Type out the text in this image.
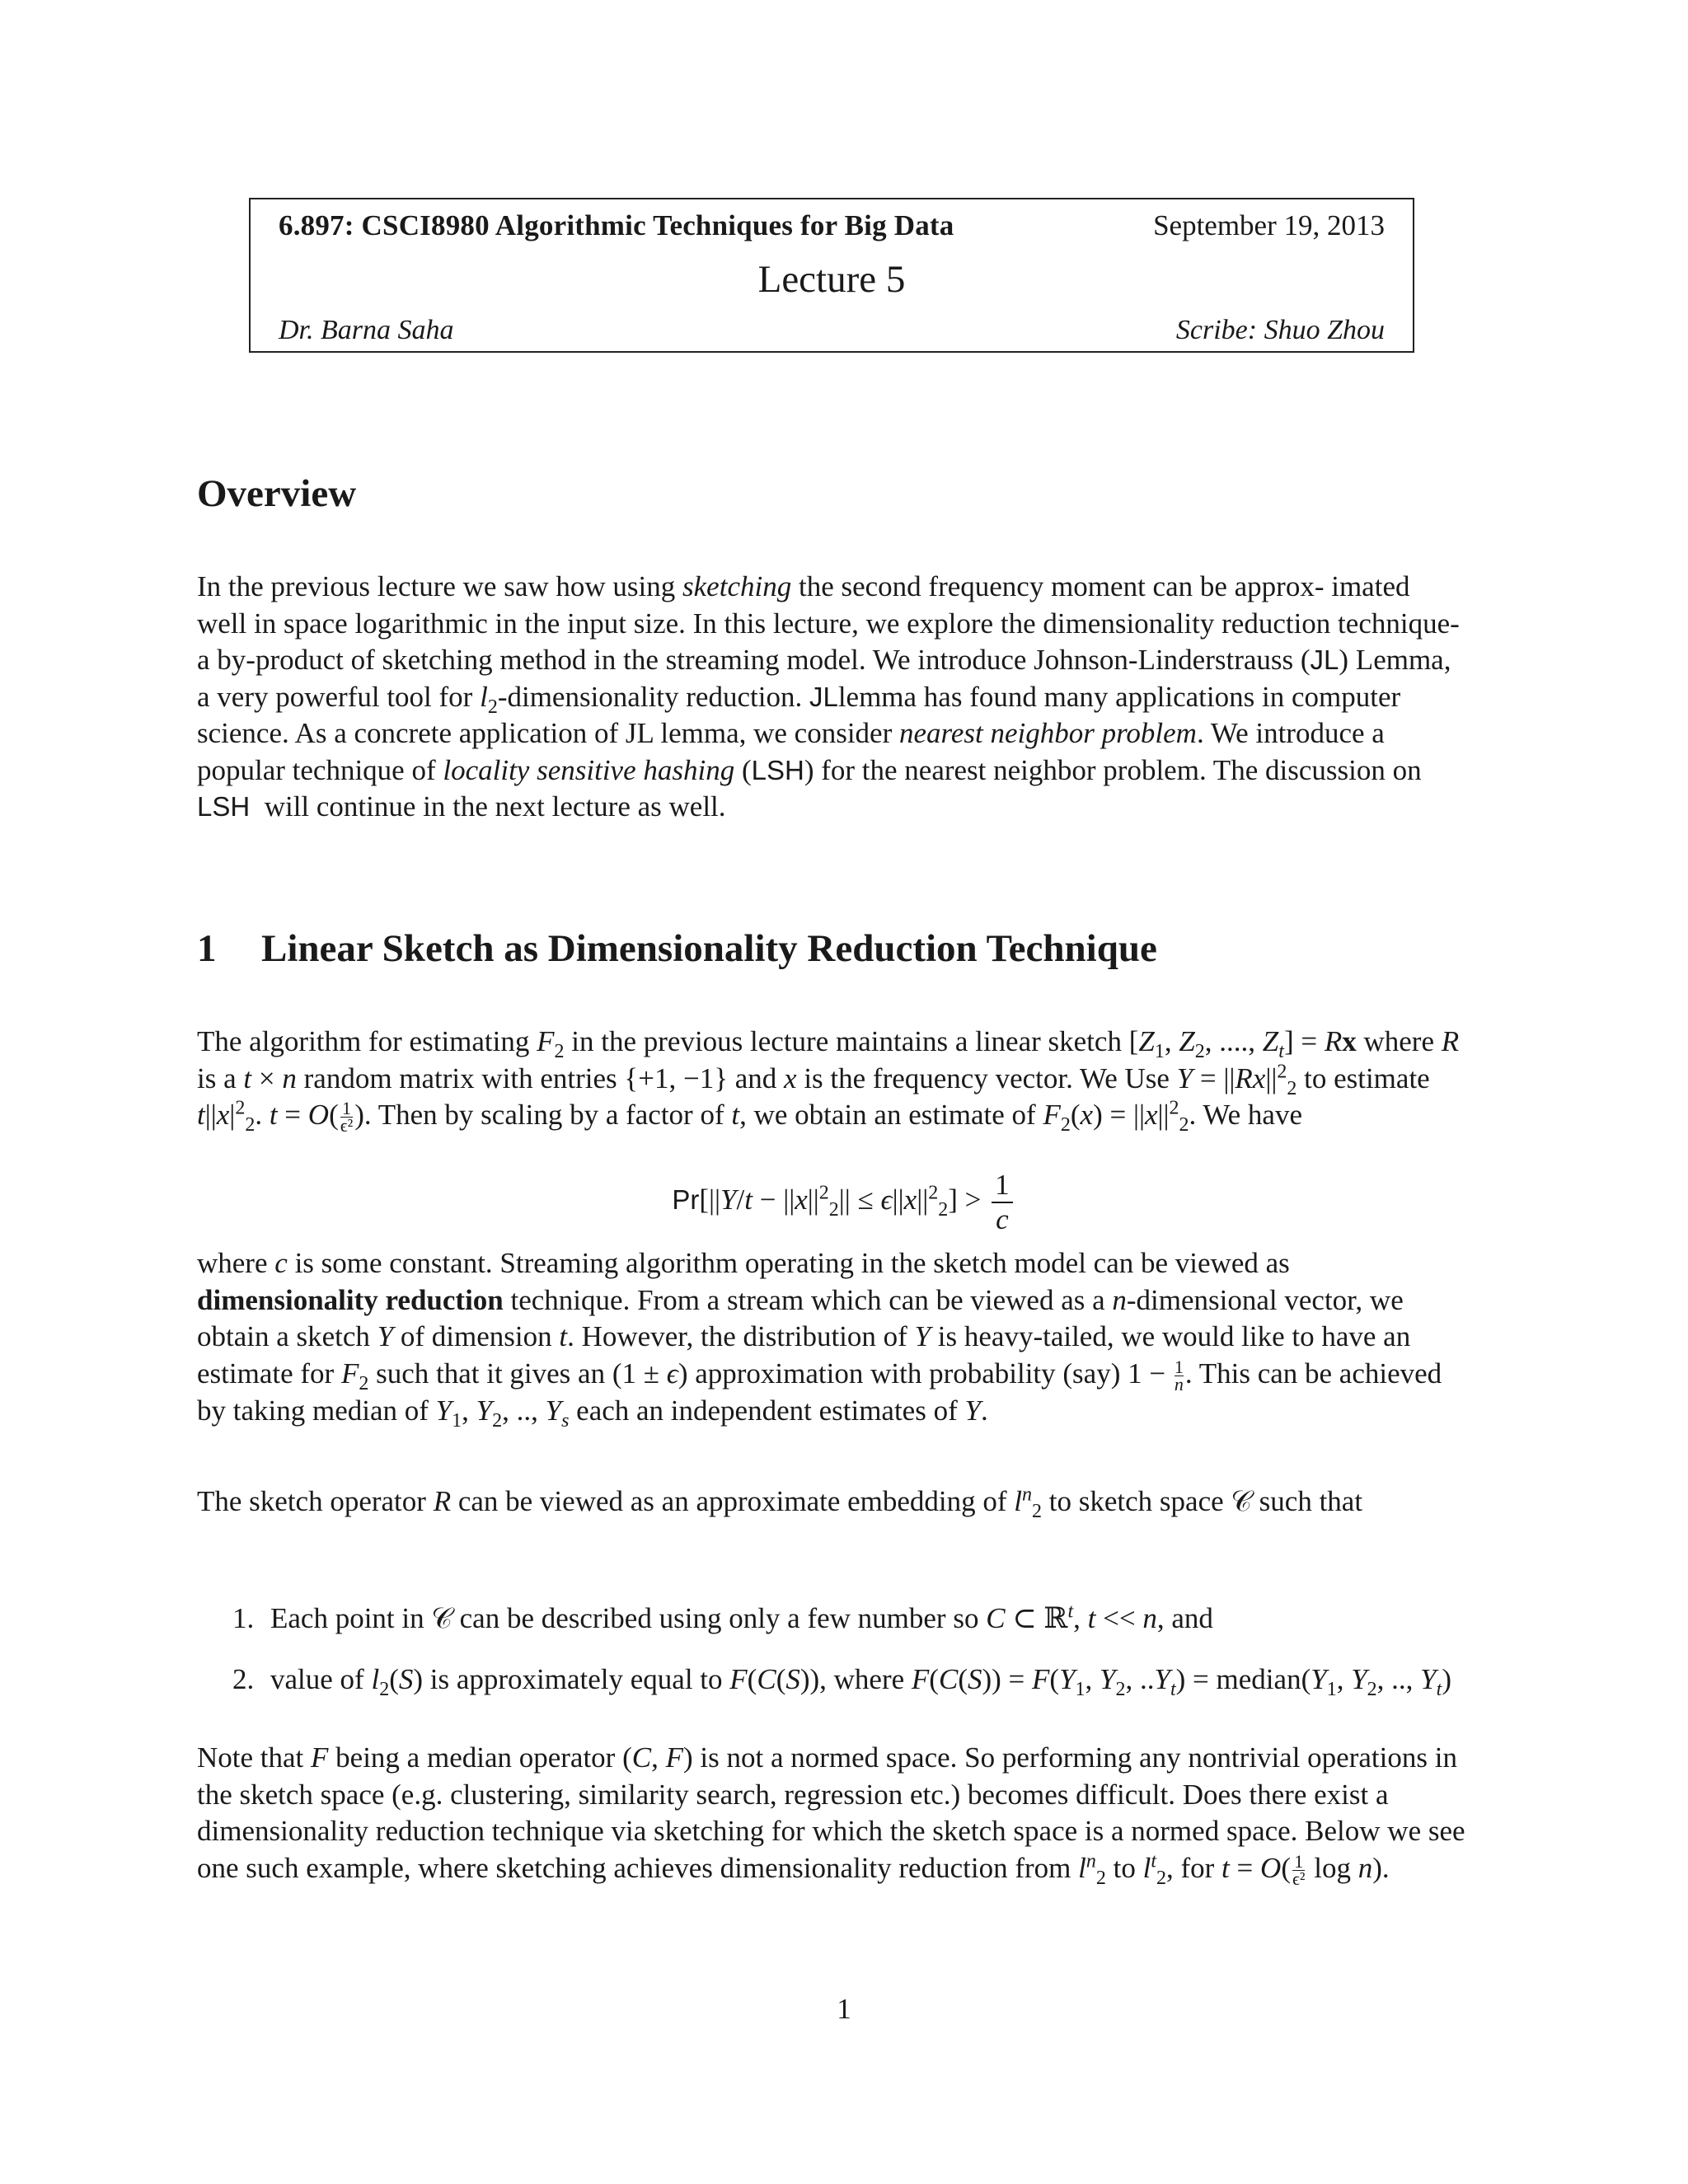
6.897: CSCI8980 Algorithmic Techniques for Big Data	September 19, 2013
Lecture 5
Dr. Barna Saha	Scribe: Shuo Zhou
Overview

In the previous lecture we saw how using sketching the second frequency moment can be approx- imated well in space logarithmic in the input size. In this lecture, we explore the dimensionality reduction technique-a by-product of sketching method in the streaming model. We introduce Johnson-Linderstrauss (JL) Lemma, a very powerful tool for $l_2$-dimensionality reduction. JLlemma has found many applications in computer science. As a concrete application of JL lemma, we consider nearest neighbor problem. We introduce a popular technique of locality sensitive hashing (LSH) for the nearest neighbor problem. The discussion on LSH  will continue in the next lecture as well.

1 Linear Sketch as Dimensionality Reduction Technique

The algorithm for estimating $F_2$ in the previous lecture maintains a linear sketch [$Z_1$, $Z_2$, ...., $Z_t] = Rx$ where R is a t × n random matrix with entries {+1, −1} and x is the frequency vector. We Use $Y = ||Rx||^2_2$ to estimate $t||x|^2_2$. $t = O( \frac{1}{\text{ϵ²}}$ ). Then by scaling by a factor of t, we obtain an estimate of $F_2(x) = ||x||^2_2$. We have

$Pr[||Y/t - ||x||^2_2|| \le \epsilon||x||^2_2] > \frac{1}{c}$

where c is some constant. Streaming algorithm operating in the sketch model can be viewed as dimensionality reduction technique. From a stream which can be viewed as a n-dimensional vector, we obtain a sketch Y of dimension t. However, the distribution of Y is heavy-tailed, we would like to have an estimate for $F_2$ such that it gives an (1 ± ϵ) approximation with probability (say) $1 - \frac{1}{n}$ . This can be achieved by taking median of $Y_1$, $Y_2$, .., $Y_s$ each an independent estimates of Y.

The sketch operator R can be viewed as an approximate embedding of $l^n_2$ to sketch space 𝒞 such that

1. Each point in 𝒞 can be described using only a few number so C ⊂ ℝ$^t$, t << n, and
2. value of $l_2(S)$ is approximately equal to F(C(S)), where $F(C(S)) = F(Y_1$, $Y_2$, $..Y_t$) = $median(Y_1$, $Y_2$, .., $Y_t$)

Note that F being a median operator (C, F) is not a normed space. So performing any nontrivial operations in the sketch space (e.g. clustering, similarity search, regression etc.) becomes difficult. Does there exist a dimensionality reduction technique via sketching for which the sketch space is a normed space. Below we see one such example, where sketching achieves dimensionality reduction from $l^n_2$ to $l^t_2$, for $t = O( \frac{1}{\text{ϵ²}}$ log n).

1
